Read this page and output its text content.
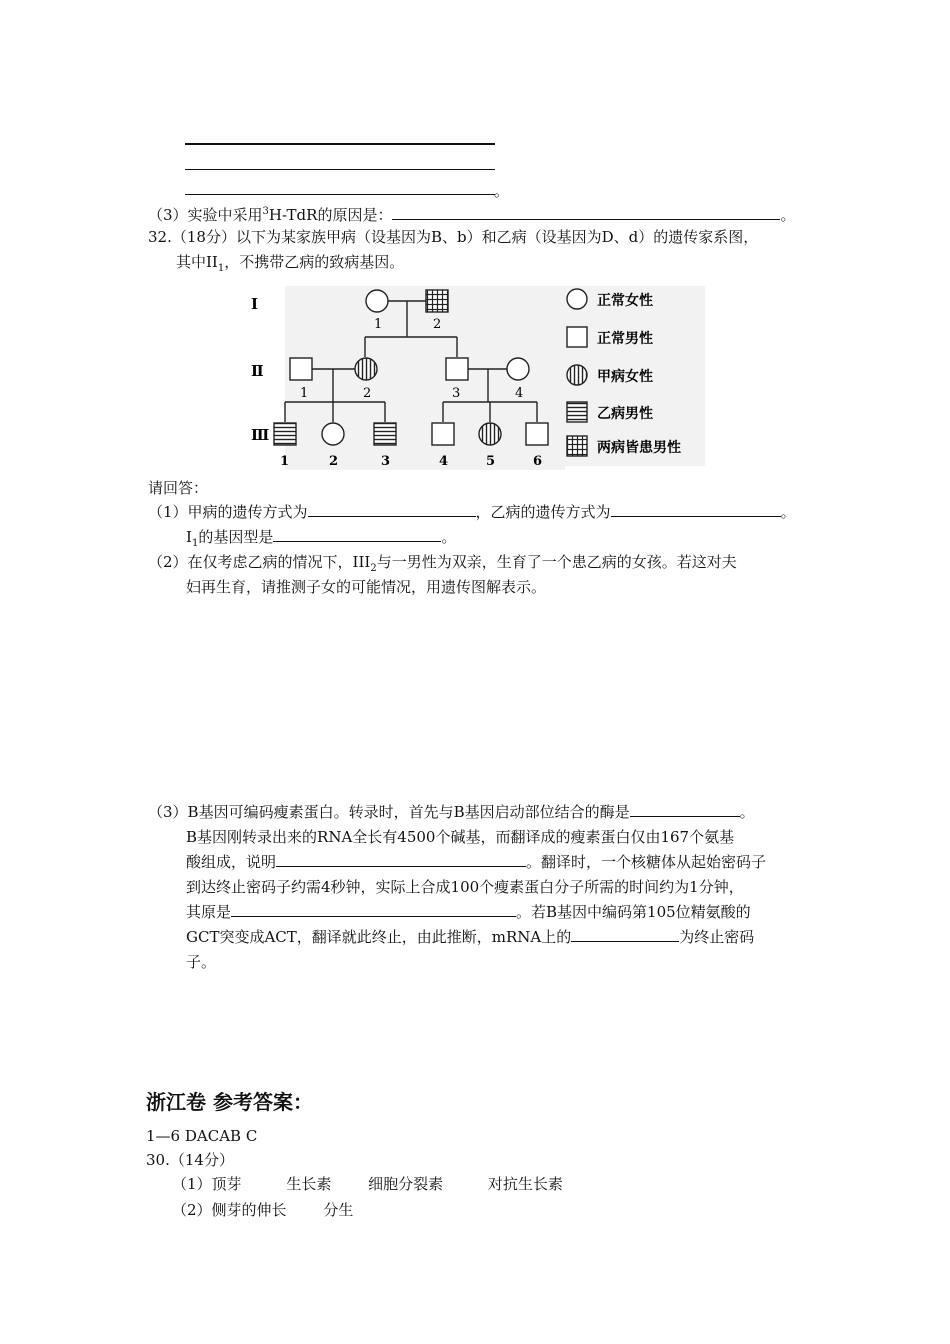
。
（3）实验中采用$^3$H-TdR的原因是：	。
32.（18分）以下为某家族甲病（设基因为B、b）和乙病（设基因为D、d）的遗传家系图，
其中$II_1$，不携带乙病的致病基因。
I
Ⅱ
Ⅲ
1	2
1	2	3	4
1	2	3	4	5	6
正常女性
正常男性
甲病女性
乙病男性
两病皆患男性
请回答：
（1）甲病的遗传方式为	，乙病的遗传方式为	。
$I_1$的基因型是	。
（2）在仅考虑乙病的情况下，$III_2$与一男性为双亲，生育了一个患乙病的女孩。若这对夫
妇再生育，请推测子女的可能情况，用遗传图解表示。
（3）B基因可编码瘦素蛋白。转录时，首先与B基因启动部位结合的酶是	。
B基因刚转录出来的RNA全长有4500个碱基，而翻译成的瘦素蛋白仅由167个氨基
酸组成，说明	。翻译时，一个核糖体从起始密码子
到达终止密码子约需4秒钟，实际上合成100个瘦素蛋白分子所需的时间约为1分钟，
其原是	。若B基因中编码第105位精氨酸的
GCT突变成ACT，翻译就此终止，由此推断，mRNA上的	为终止密码
子。
浙江卷 参考答案：
1—6 DACAB C
30.（14分）
（1）顶芽	生长素 细胞分裂素	对抗生长素
（2）侧芽的伸长 分生
